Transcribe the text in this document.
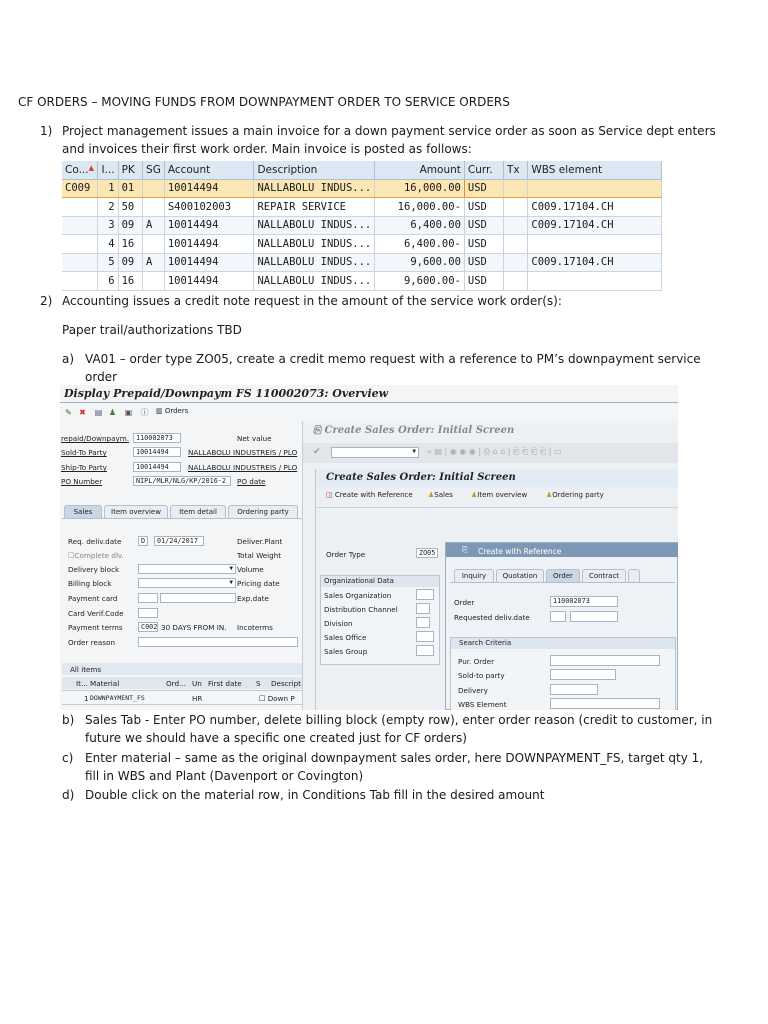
CF ORDERS – MOVING FUNDS FROM DOWNPAYMENT ORDER TO SERVICE ORDERS
1) Project management issues a main invoice for a down payment service order as soon as Service dept enters
and invoices their first work order. Main invoice is posted as follows:
Co...▲	I...	PK	SG	Account	Description	Amount	Curr.	Tx	WBS element
C009	1	01		10014494	NALLABOLU INDUS...	16,000.00	USD		
	2	50		S400102003	REPAIR SERVICE	16,000.00-	USD		C009.17104.CH
	3	09	A	10014494	NALLABOLU INDUS...	6,400.00	USD		C009.17104.CH
	4	16		10014494	NALLABOLU INDUS...	6,400.00-	USD		
	5	09	A	10014494	NALLABOLU INDUS...	9,600.00	USD		C009.17104.CH
	6	16		10014494	NALLABOLU INDUS...	9,600.00-	USD		
2) Accounting issues a credit note request in the amount of the service work order(s):
Paper trail/authorizations TBD
a) VA01 – order type ZO05, create a credit memo request with a reference to PM’s downpayment service
order
Display Prepaid/Downpaym FS 110002073: Overview
✎ ✖ ▤ ♟ ▣ ⓘ ▥ Orders
repaid/Downpaym.	110002073	Net value
Sold-To Party	10014494	NALLABOLU INDUSTREIS / PLO
Ship-To Party	10014494	NALLABOLU INDUSTREIS / PLO
PO Number	NIPL/MLR/NLG/KP/2016-2	PO date
Sales	Item overview	Item detail	Ordering party
Req. deliv.date	D	01/24/2017	Deliver.Plant
☐Complete dlv.	Total Weight
Delivery block	▼ Volume
Billing block	▼ Pricing date
Payment card	Exp.date
Card Verif.Code
Payment terms	C002 30 DAYS FROM IN. Incoterms
Order reason
All items
It... Material	Ord... Un First date S Descript
1 DOWNPAYMENT_FS	HR	☐ Down P
⎘ Create Sales Order: Initial Screen
✔	▼ « ▤ | ◉ ◉ ◉ | ⎙ ⌂ ⌂ | ⎗ ⎗ ⎗ ⎗ | ▭
Create Sales Order: Initial Screen
◫ Create with Reference ♟Sales	♟Item overview	♟Ordering party
Order Type	ZO05
Organizational Data
Sales Organization
Distribution Channel
Division
Sales Office
Sales Group
⎘ Create with Reference
Inquiry	Quotation	Order	Contract
Order	110002073
Requested deliv.date
Search Criteria
Pur. Order
Sold-to party
Delivery
WBS Element
b) Sales Tab - Enter PO number, delete billing block (empty row), enter order reason (credit to customer, in
future we should have a specific one created just for CF orders)
c) Enter material – same as the original downpayment sales order, here DOWNPAYMENT_FS, target qty 1,
fill in WBS and Plant (Davenport or Covington)
d) Double click on the material row, in Conditions Tab fill in the desired amount
